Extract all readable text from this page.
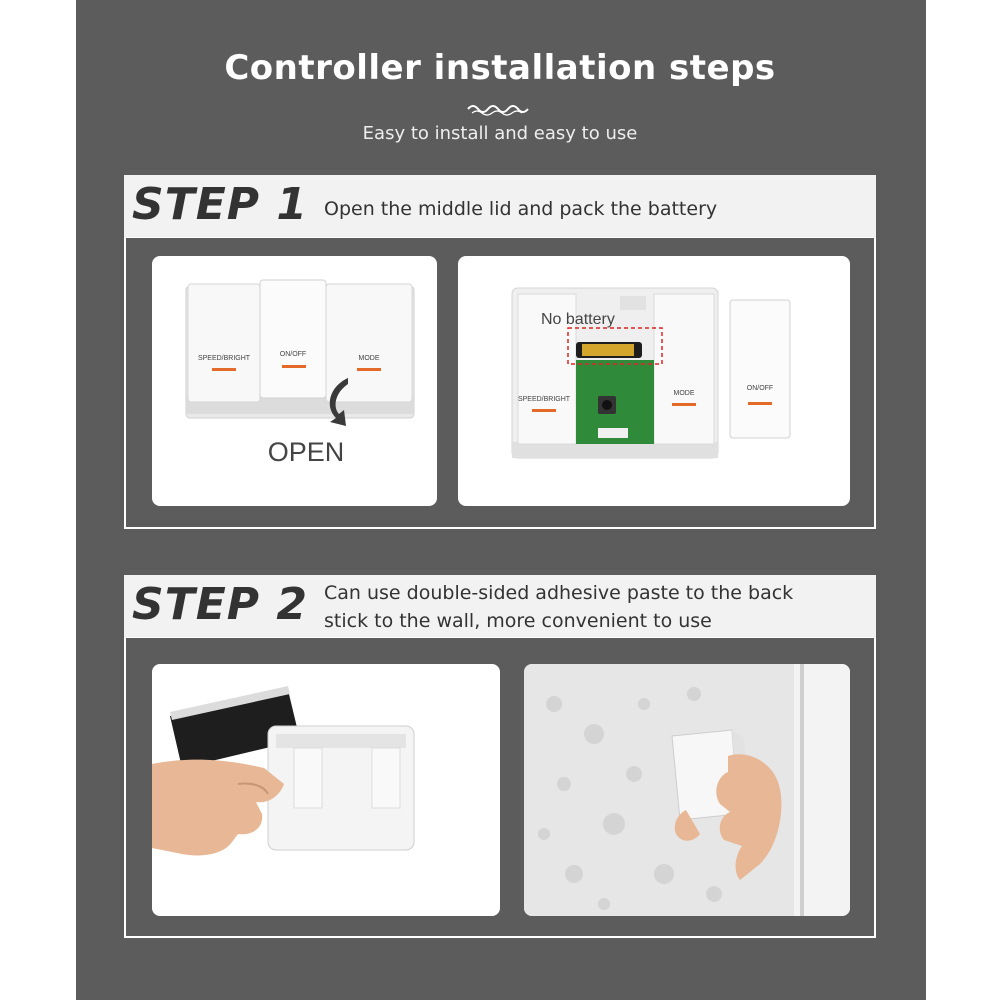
Controller installation steps
Easy to install and easy to use
STEP 1 Open the middle lid and pack the battery
SPEED/BRIGHT
ON/OFF
MODE
OPEN
No battery
SPEED/BRIGHT
MODE
ON/OFF
STEP 2 Can use double-sided adhesive paste to the back
stick to the wall, more convenient to use
